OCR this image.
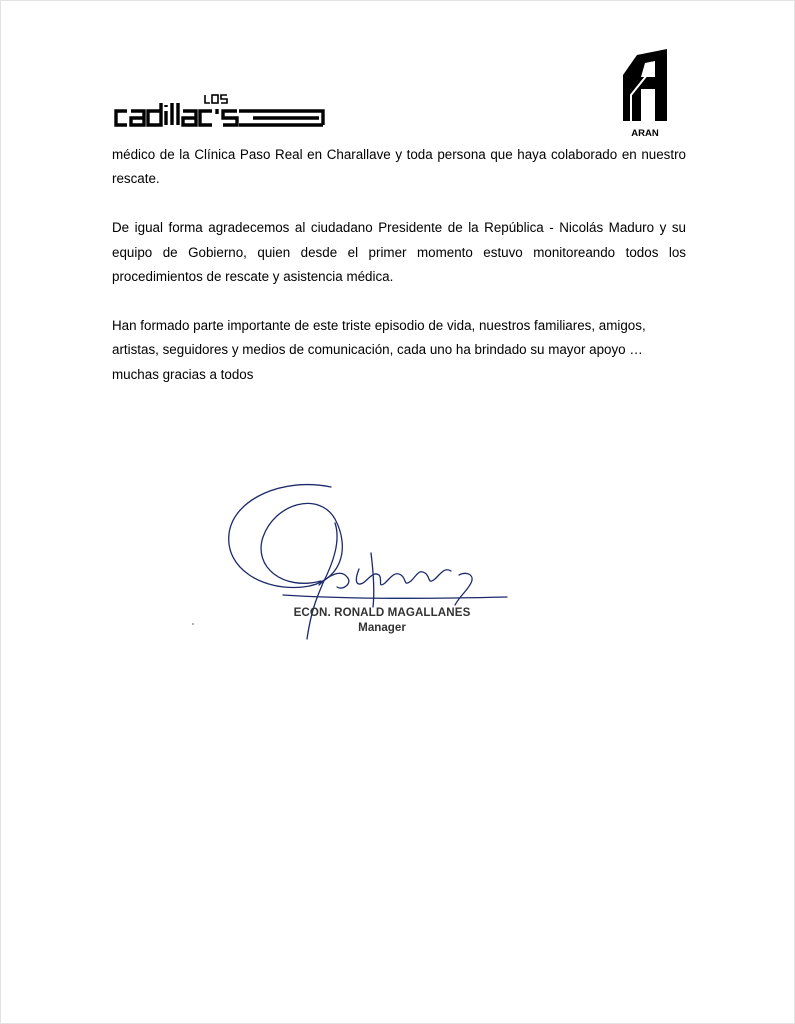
ARAN

médico de la Clínica Paso Real en Charallave y toda persona que haya colaborado en nuestro rescate.

De igual forma agradecemos al ciudadano Presidente de la República - Nicolás Maduro y su equipo de Gobierno, quien desde el primer momento estuvo monitoreando todos los procedimientos de rescate y asistencia médica.

Han formado parte importante de este triste episodio de vida, nuestros familiares, amigos, artistas, seguidores y medios de comunicación, cada uno ha brindado su mayor apoyo … muchas gracias a todos

ECON. RONALD MAGALLANES
Manager
